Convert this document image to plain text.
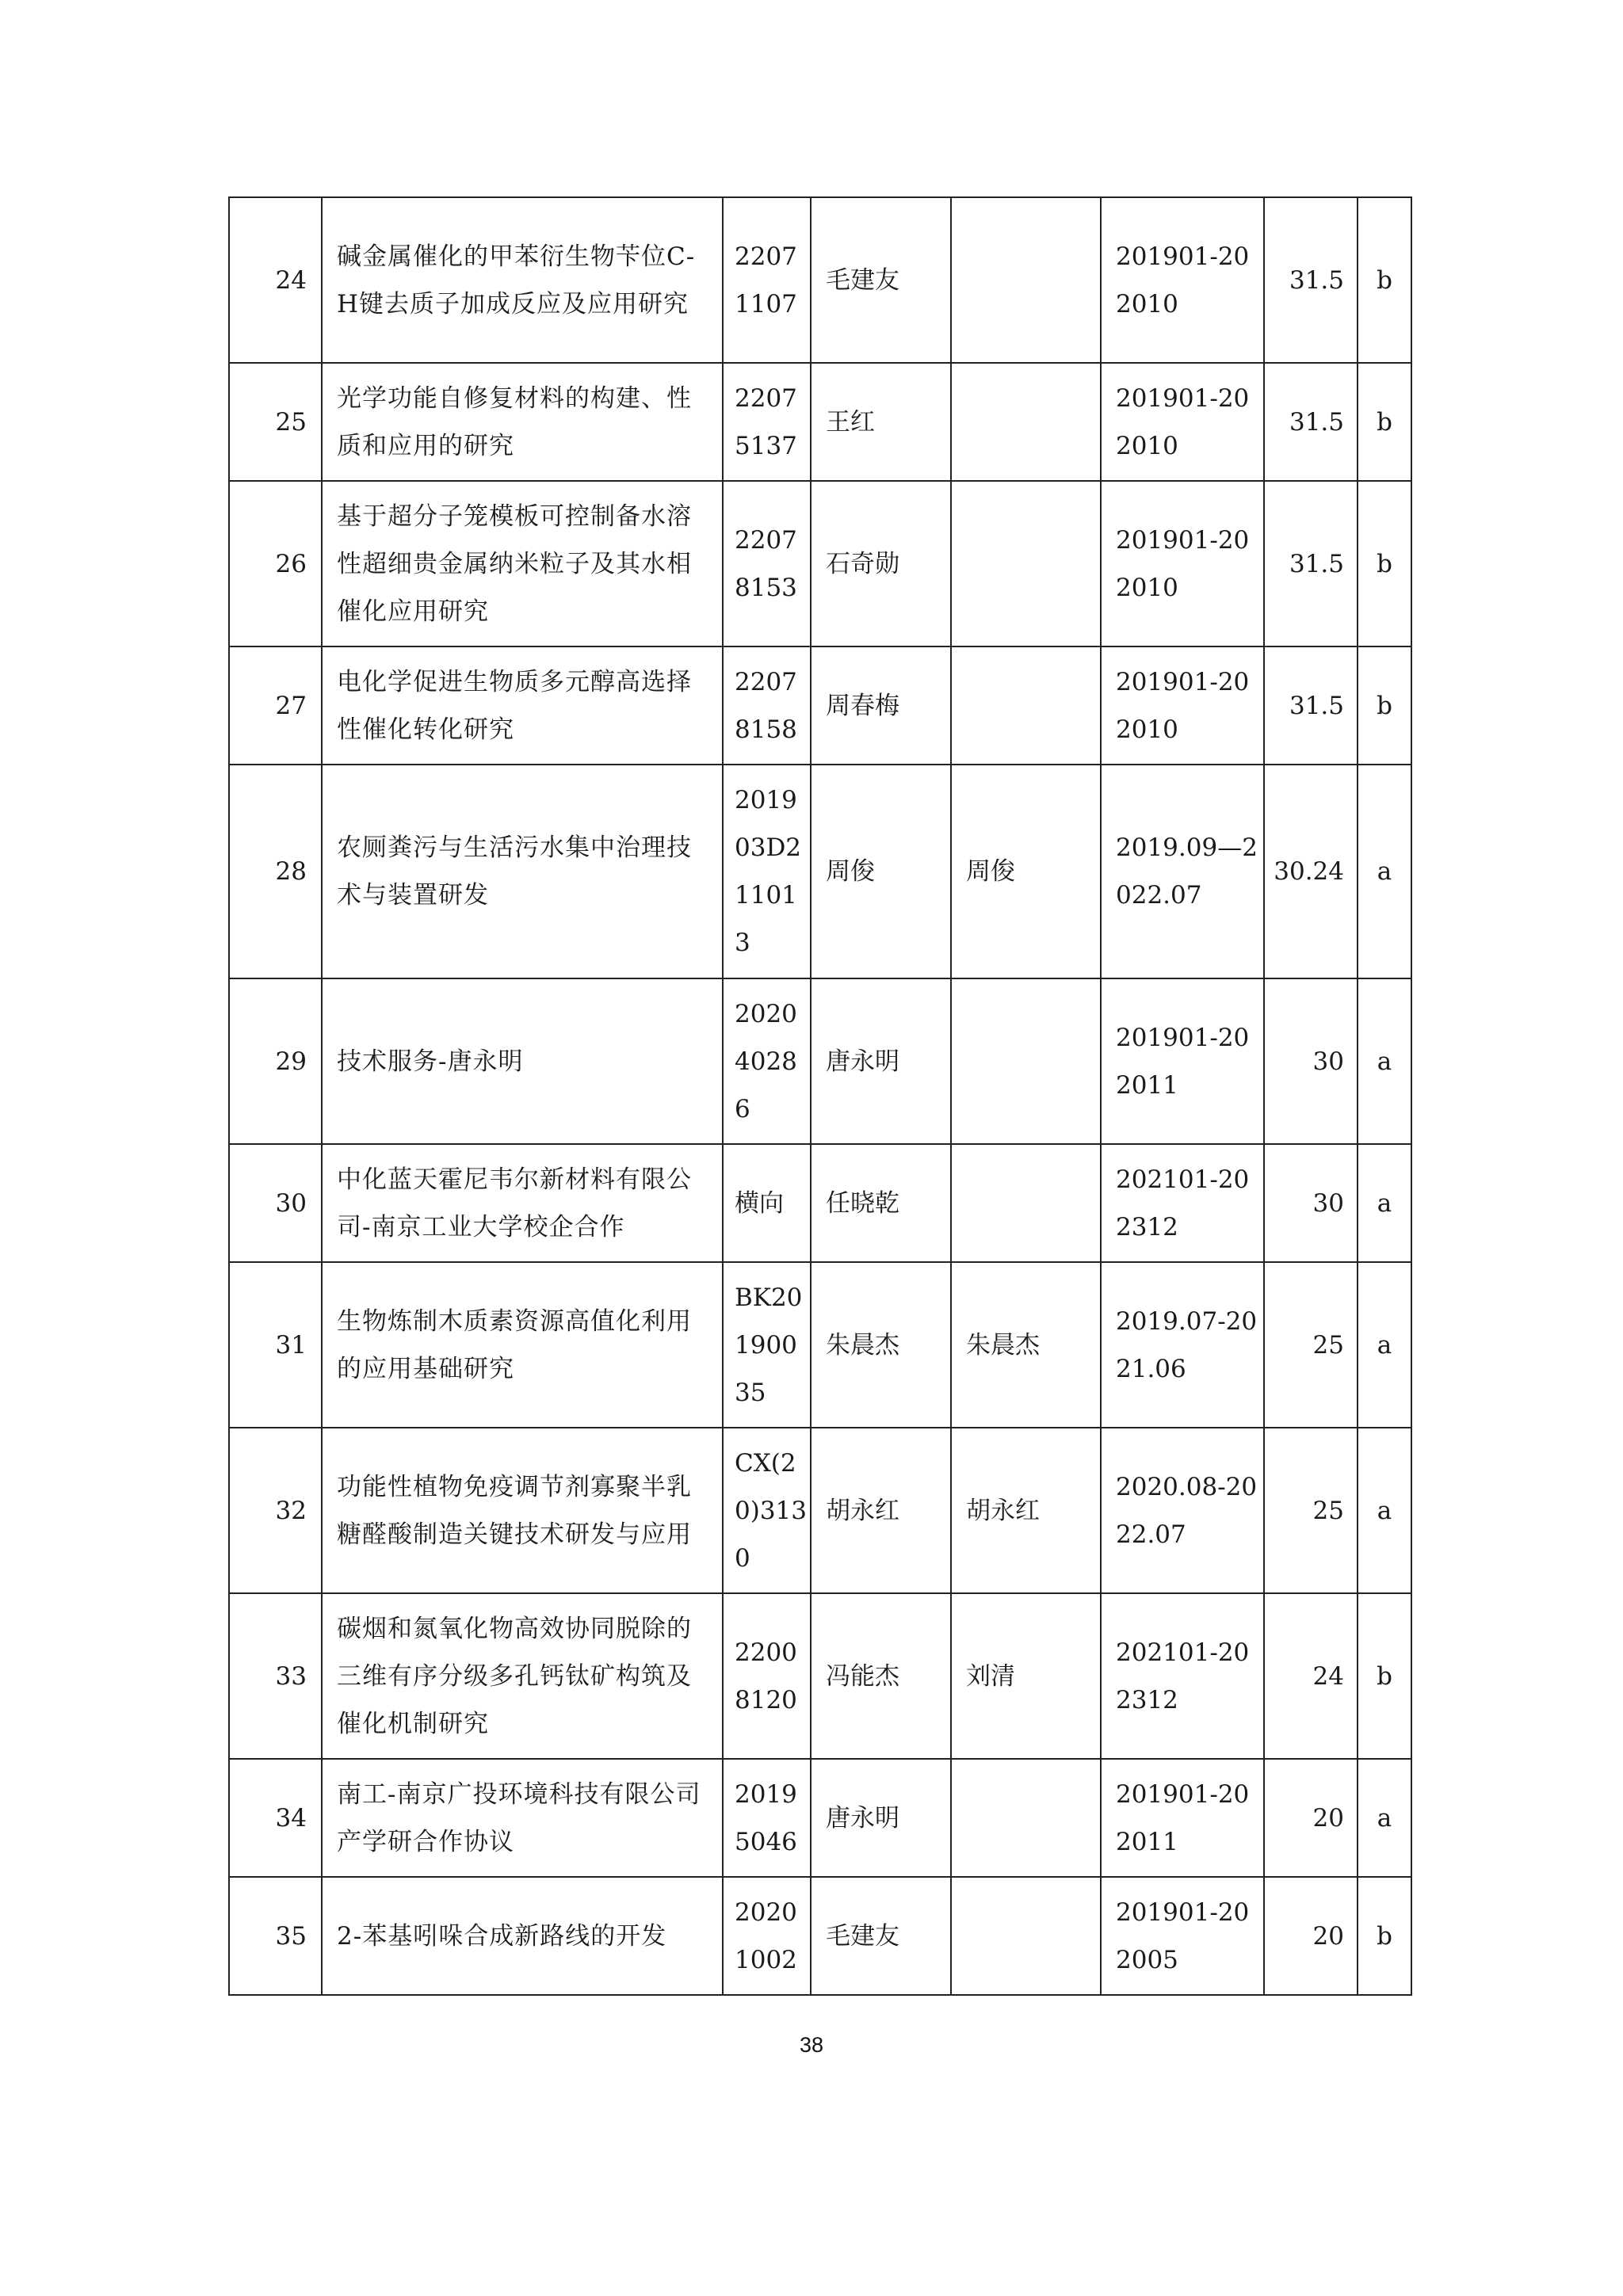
24	碱金属催化的甲苯衍生物苄位C-H键去质子加成反应及应用研究	22071107	毛建友		201901-202010	31.5	b
25	光学功能自修复材料的构建、性质和应用的研究	22075137	王红		201901-202010	31.5	b
26	基于超分子笼模板可控制备水溶性超细贵金属纳米粒子及其水相催化应用研究	22078153	石奇勋		201901-202010	31.5	b
27	电化学促进生物质多元醇高选择性催化转化研究	22078158	周春梅		201901-202010	31.5	b
28	农厕粪污与生活污水集中治理技术与装置研发	201903D211013	周俊	周俊	2019.09—2022.07	30.24	a
29	技术服务-唐永明	202040286	唐永明		201901-202011	30	a
30	中化蓝天霍尼韦尔新材料有限公司-南京工业大学校企合作	横向	任晓乾		202101-202312	30	a
31	生物炼制木质素资源高值化利用的应用基础研究	BK20190035	朱晨杰	朱晨杰	2019.07-2021.06	25	a
32	功能性植物免疫调节剂寡聚半乳糖醛酸制造关键技术研发与应用	CX(20)3130	胡永红	胡永红	2020.08-2022.07	25	a
33	碳烟和氮氧化物高效协同脱除的三维有序分级多孔钙钛矿构筑及催化机制研究	22008120	冯能杰	刘清	202101-202312	24	b
34	南工-南京广投环境科技有限公司产学研合作协议	20195046	唐永明		201901-202011	20	a
35	2-苯基吲哚合成新路线的开发	20201002	毛建友		201901-202005	20	b
38
